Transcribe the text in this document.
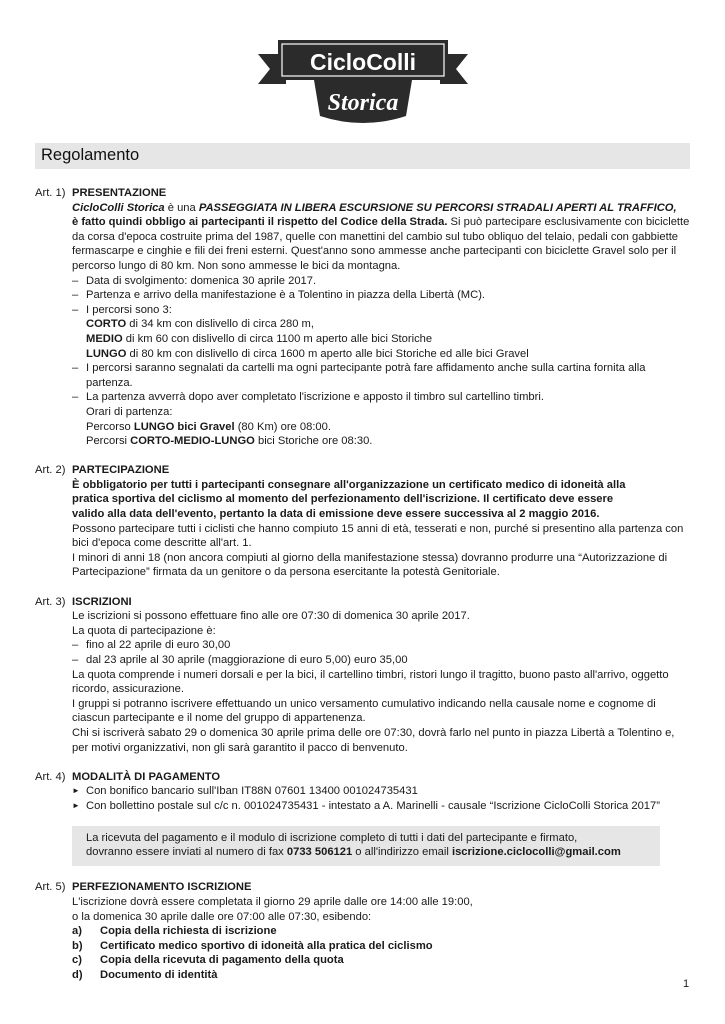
CicloColli
Storica
Regolamento
Art. 1) PRESENTAZIONE
CicloColli Storica è una PASSEGGIATA IN LIBERA ESCURSIONE SU PERCORSI STRADALI APERTI AL TRAFFICO,
è fatto quindi obbligo ai partecipanti il rispetto del Codice della Strada. Si può partecipare esclusivamente con biciclette da corsa d'epoca costruite prima del 1987, quelle con manettini del cambio sul tubo obliquo del telaio, pedali con gabbiette fermascarpe e cinghie e fili dei freni esterni. Quest'anno sono ammesse anche partecipanti con biciclette Gravel solo per il percorso lungo di 80 km. Non sono ammesse le bici da montagna.
– Data di svolgimento: domenica 30 aprile 2017.
– Partenza e arrivo della manifestazione è a Tolentino in piazza della Libertà (MC).
– I percorsi sono 3:
CORTO di 34 km con dislivello di circa 280 m,
MEDIO di km 60 con dislivello di circa 1100 m aperto alle bici Storiche
LUNGO di 80 km con dislivello di circa 1600 m aperto alle bici Storiche ed alle bici Gravel
– I percorsi saranno segnalati da cartelli ma ogni partecipante potrà fare affidamento anche sulla cartina fornita alla partenza.
– La partenza avverrà dopo aver completato l'iscrizione e apposto il timbro sul cartellino timbri.
Orari di partenza:
Percorso LUNGO bici Gravel (80 Km) ore 08:00.
Percorsi CORTO-MEDIO-LUNGO bici Storiche ore 08:30.
Art. 2) PARTECIPAZIONE
È obbligatorio per tutti i partecipanti consegnare all'organizzazione un certificato medico di idoneità alla pratica sportiva del ciclismo al momento del perfezionamento dell'iscrizione. Il certificato deve essere valido alla data dell'evento, pertanto la data di emissione deve essere successiva al 2 maggio 2016.
Possono partecipare tutti i ciclisti che hanno compiuto 15 anni di età, tesserati e non, purché si presentino alla partenza con bici d'epoca come descritte all'art. 1.
I minori di anni 18 (non ancora compiuti al giorno della manifestazione stessa) dovranno produrre una “Autorizzazione di Partecipazione” firmata da un genitore o da persona esercitante la potestà Genitoriale.
Art. 3) ISCRIZIONI
Le iscrizioni si possono effettuare fino alle ore 07:30 di domenica 30 aprile 2017.
La quota di partecipazione è:
– fino al 22 aprile di euro 30,00
– dal 23 aprile al 30 aprile (maggiorazione di euro 5,00) euro 35,00
La quota comprende i numeri dorsali e per la bici, il cartellino timbri, ristori lungo il tragitto, buono pasto all'arrivo, oggetto ricordo, assicurazione.
I gruppi si potranno iscrivere effettuando un unico versamento cumulativo indicando nella causale nome e cognome di ciascun partecipante e il nome del gruppo di appartenenza.
Chi si iscriverà sabato 29 o domenica 30 aprile prima delle ore 07:30, dovrà farlo nel punto in piazza Libertà a Tolentino e, per motivi organizzativi, non gli sarà garantito il pacco di benvenuto.
Art. 4) MODALITÀ DI PAGAMENTO
► Con bonifico bancario sull'Iban IT88N 07601 13400 001024735431
► Con bollettino postale sul c/c n. 001024735431 - intestato a A. Marinelli - causale “Iscrizione CicloColli Storica 2017”
La ricevuta del pagamento e il modulo di iscrizione completo di tutti i dati del partecipante e firmato,
dovranno essere inviati al numero di fax 0733 506121 o all'indirizzo email iscrizione.ciclocolli@gmail.com
Art. 5) PERFEZIONAMENTO ISCRIZIONE
L'iscrizione dovrà essere completata il giorno 29 aprile dalle ore 14:00 alle 19:00,
o la domenica 30 aprile dalle ore 07:00 alle 07:30, esibendo:
a) Copia della richiesta di iscrizione
b) Certificato medico sportivo di idoneità alla pratica del ciclismo
c) Copia della ricevuta di pagamento della quota
d) Documento di identità
1
